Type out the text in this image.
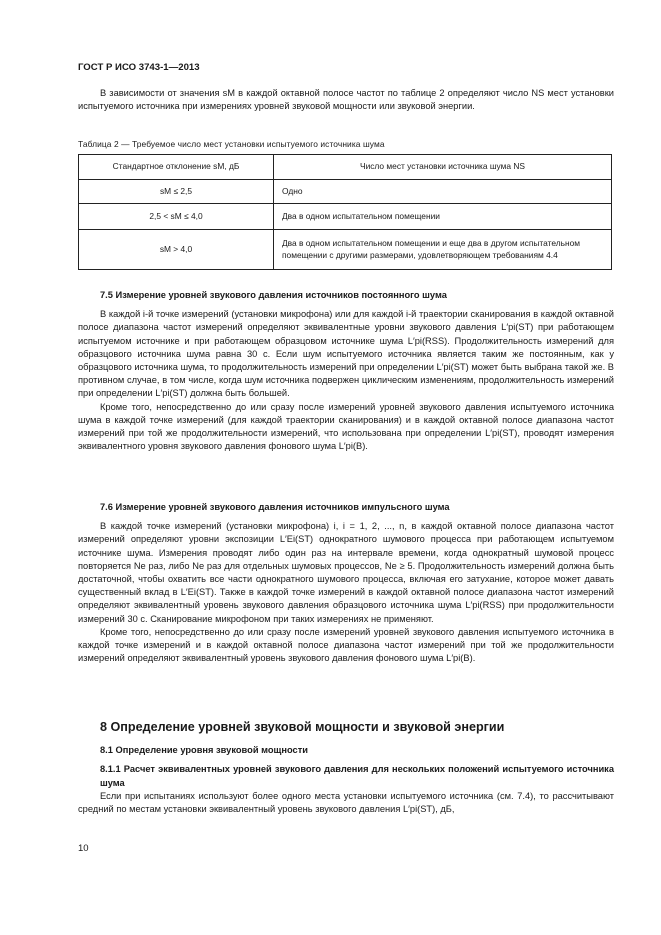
ГОСТ Р ИСО 3743-1—2013

В зависимости от значения sM в каждой октавной полосе частот по таблице 2 определяют число NS мест установки испытуемого источника при измерениях уровней звуковой мощности или звуковой энергии.

Таблица 2 — Требуемое число мест установки испытуемого источника шума
Стандартное отклонение sM, дБ	Число мест установки источника шума NS
sM ≤ 2,5	Одно
2,5 < sM ≤ 4,0	Два в одном испытательном помещении
sM > 4,0	Два в одном испытательном помещении и еще два в другом испытательном помещении с другими размерами, удовлетворяющем требованиям 4.4

7.5 Измерение уровней звукового давления источников постоянного шума

В каждой i-й точке измерений (установки микрофона) или для каждой i-й траектории сканирования в каждой октавной полосе диапазона частот измерений определяют эквивалентные уровни звукового давления L′pi(ST) при работающем испытуемом источнике и при работающем образцовом источнике шума L′pi(RSS). Продолжительность измерений для образцового источника шума равна 30 с. Если шум испытуемого источника является таким же постоянным, как у образцового источника шума, то продолжительность измерений при определении L′pi(ST) может быть выбрана такой же. В противном случае, в том числе, когда шум источника подвержен циклическим изменениям, продолжительность измерений при определении L′pi(ST) должна быть большей.

Кроме того, непосредственно до или сразу после измерений уровней звукового давления испытуемого источника шума в каждой точке измерений (для каждой траектории сканирования) и в каждой октавной полосе диапазона частот измерений при той же продолжительности измерений, что использована при определении L′pi(ST), проводят измерения эквивалентного уровня звукового давления фонового шума L′pi(B).

7.6 Измерение уровней звукового давления источников импульсного шума

В каждой точке измерений (установки микрофона) i, i = 1, 2, ..., n, в каждой октавной полосе диапазона частот измерений определяют уровни экспозиции L′Ei(ST) однократного шумового процесса при работающем испытуемом источнике шума. Измерения проводят либо один раз на интервале времени, когда однократный шумовой процесс повторяется Ne раз, либо Ne раз для отдельных шумовых процессов, Ne ≥ 5. Продолжительность измерений должна быть достаточной, чтобы охватить все части однократного шумового процесса, включая его затухание, которое может давать существенный вклад в L′Ei(ST). Также в каждой точке измерений в каждой октавной полосе диапазона частот измерений определяют эквивалентный уровень звукового давления образцового источника шума L′pi(RSS) при продолжительности измерений 30 с. Сканирование микрофоном при таких измерениях не применяют.

Кроме того, непосредственно до или сразу после измерений уровней звукового давления испытуемого источника в каждой точке измерений и в каждой октавной полосе диапазона частот измерений при той же продолжительности измерений определяют эквивалентный уровень звукового давления фонового шума L′pi(B).

8 Определение уровней звуковой мощности и звуковой энергии

8.1 Определение уровня звуковой мощности

8.1.1 Расчет эквивалентных уровней звукового давления для нескольких положений испытуемого источника шума

Если при испытаниях используют более одного места установки испытуемого источника (см. 7.4), то рассчитывают средний по местам установки эквивалентный уровень звукового давления L′pi(ST), дБ,

10
